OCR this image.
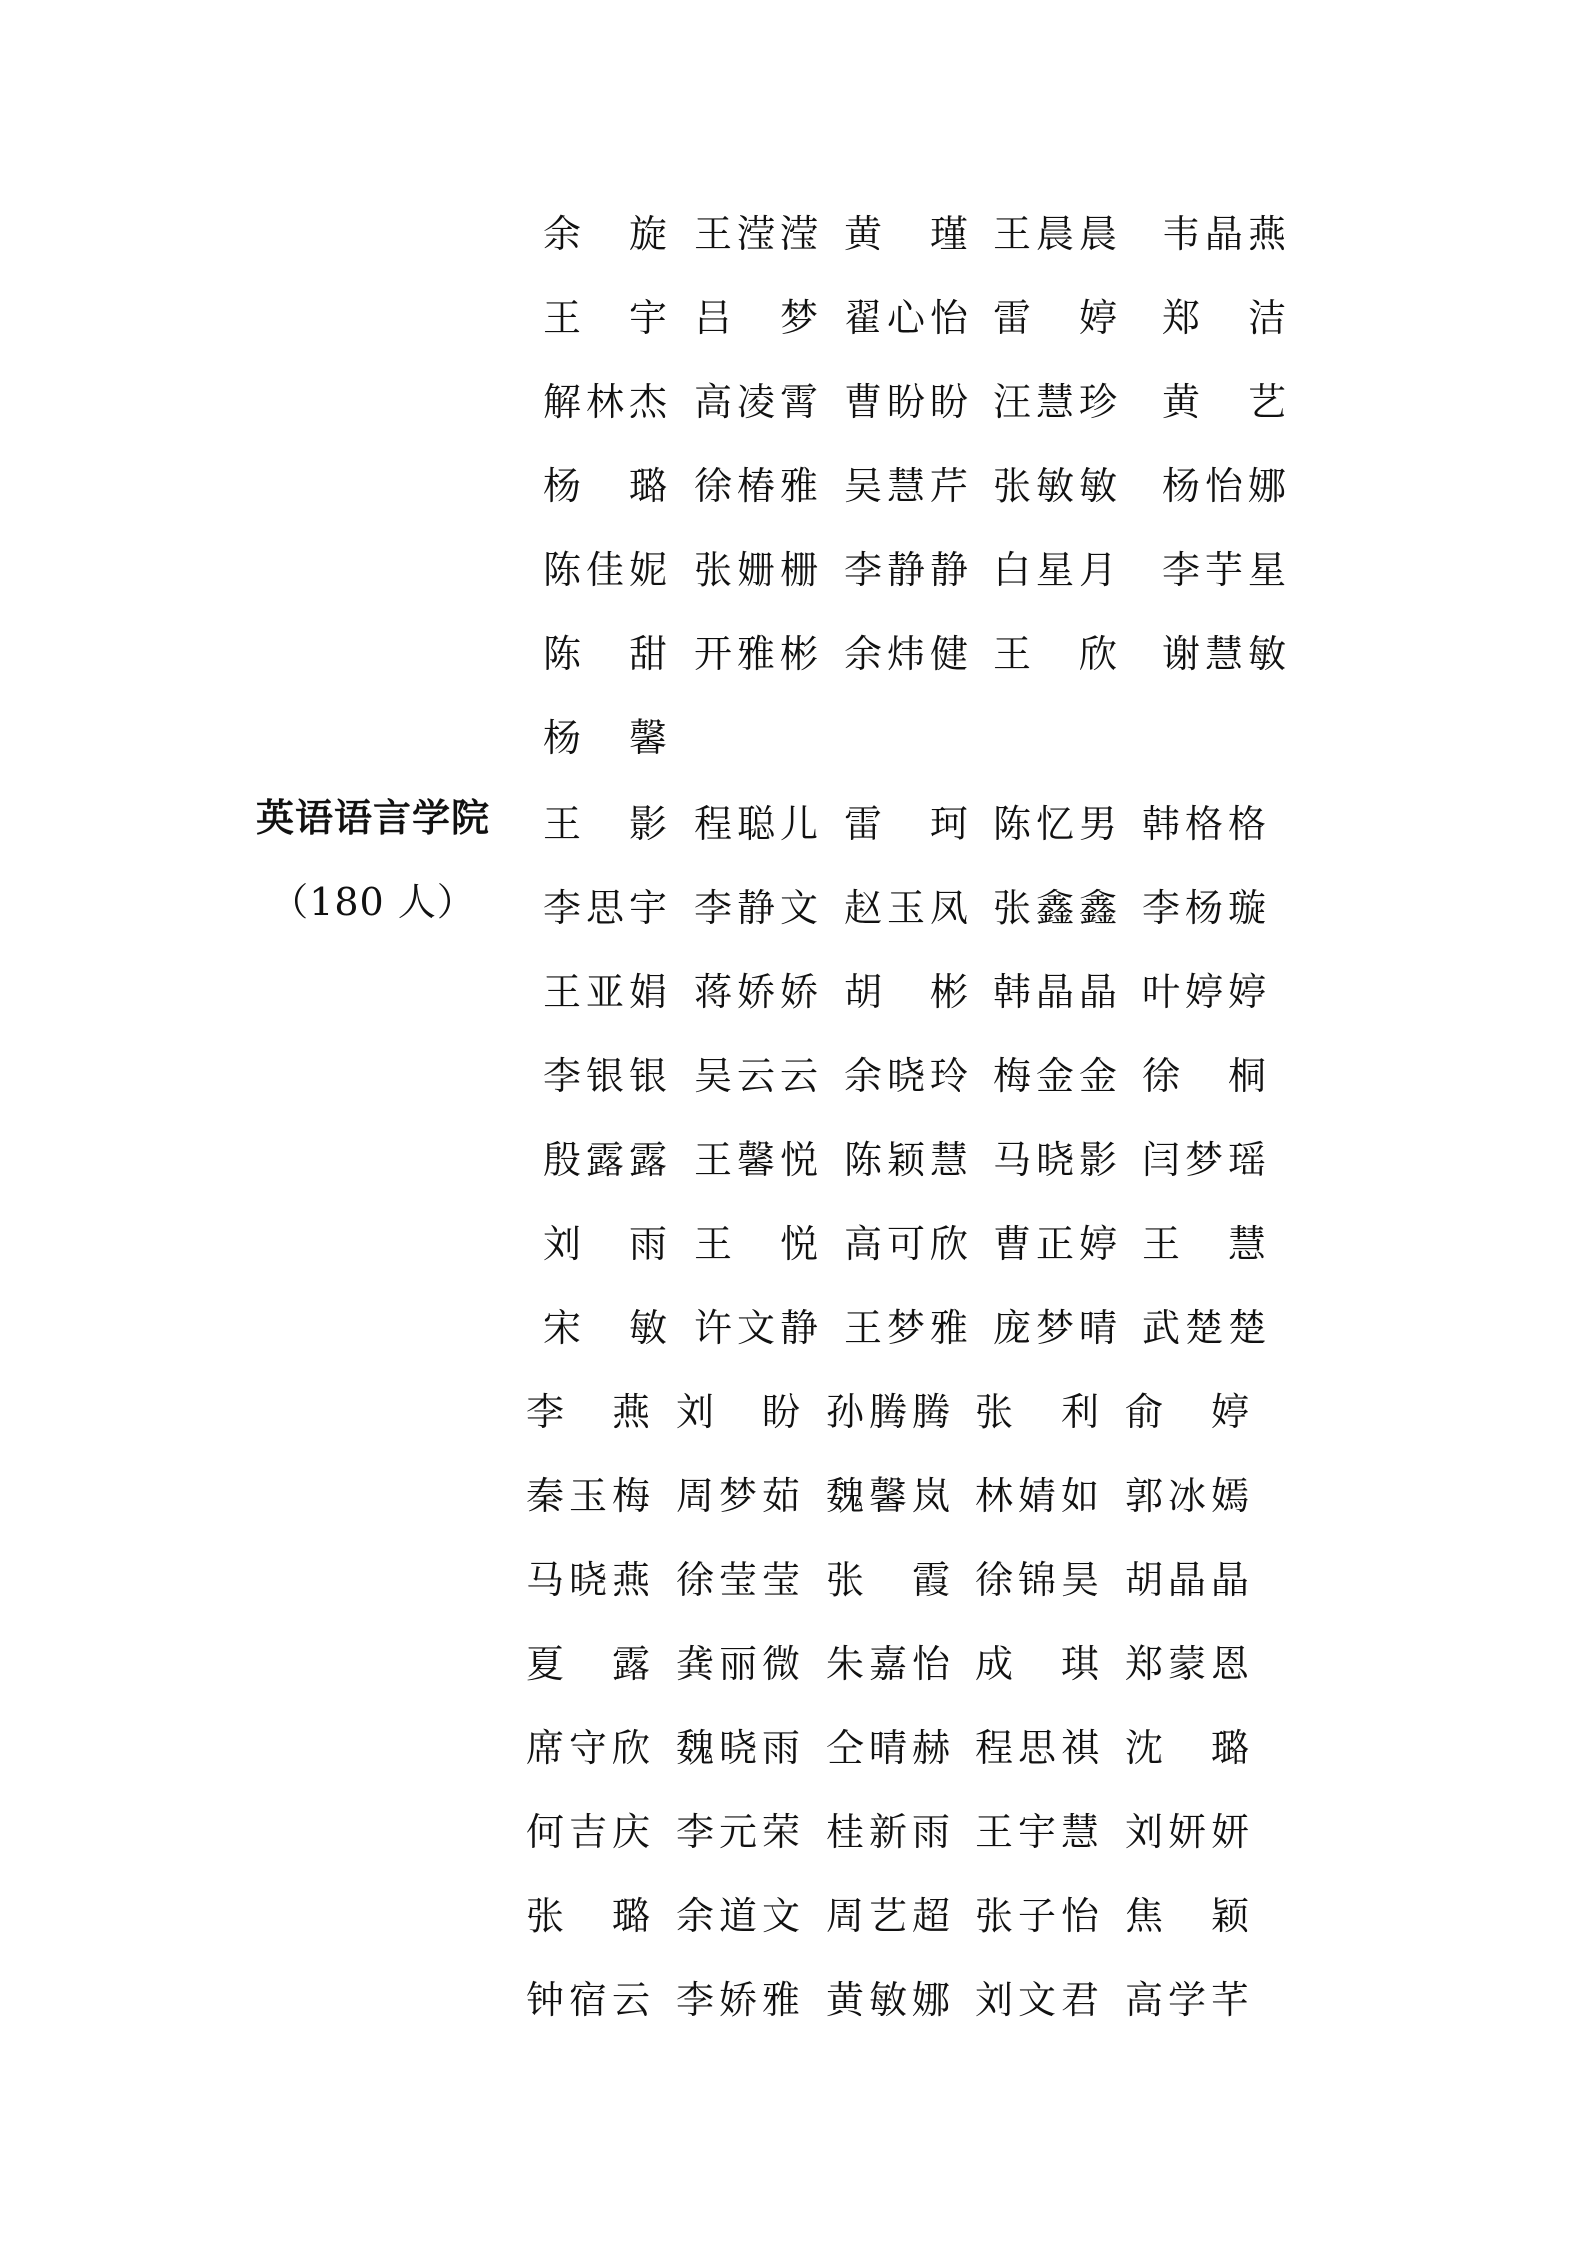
英语语言学院
（180 人）
余 旋 王 滢 滢 黄 瑾 王 晨 晨 韦 晶 燕
王 宇 吕 梦 翟 心 怡 雷 婷 郑 洁
解 林 杰 高 凌 霄 曹 盼 盼 汪 慧 珍 黄 艺
杨 璐 徐 椿 雅 吴 慧 芹 张 敏 敏 杨 怡 娜
陈 佳 妮 张 姗 栅 李 静 静 白 星 月 李 芋 星
陈 甜 开 雅 彬 余 炜 健 王 欣 谢 慧 敏
杨 馨
王 影 程 聪 儿 雷 珂 陈 忆 男 韩 格 格
李 思 宇 李 静 文 赵 玉 凤 张 鑫 鑫 李 杨 璇
王 亚 娟 蒋 娇 娇 胡 彬 韩 晶 晶 叶 婷 婷
李 银 银 吴 云 云 余 晓 玲 梅 金 金 徐 桐
殷 露 露 王 馨 悦 陈 颖 慧 马 晓 影 闫 梦 瑶
刘 雨 王 悦 高 可 欣 曹 正 婷 王 慧
宋 敏 许 文 静 王 梦 雅 庞 梦 晴 武 楚 楚
李 燕 刘 盼 孙 腾 腾 张 利 俞 婷
秦 玉 梅 周 梦 茹 魏 馨 岚 林 婧 如 郭 冰 嫣
马 晓 燕 徐 莹 莹 张 霞 徐 锦 昊 胡 晶 晶
夏 露 龚 丽 微 朱 嘉 怡 成 琪 郑 蒙 恩
席 守 欣 魏 晓 雨 仝 晴 赫 程 思 祺 沈 璐
何 吉 庆 李 元 荣 桂 新 雨 王 宇 慧 刘 妍 妍
张 璐 余 道 文 周 艺 超 张 子 怡 焦 颖
钟 宿 云 李 娇 雅 黄 敏 娜 刘 文 君 高 学 芊
